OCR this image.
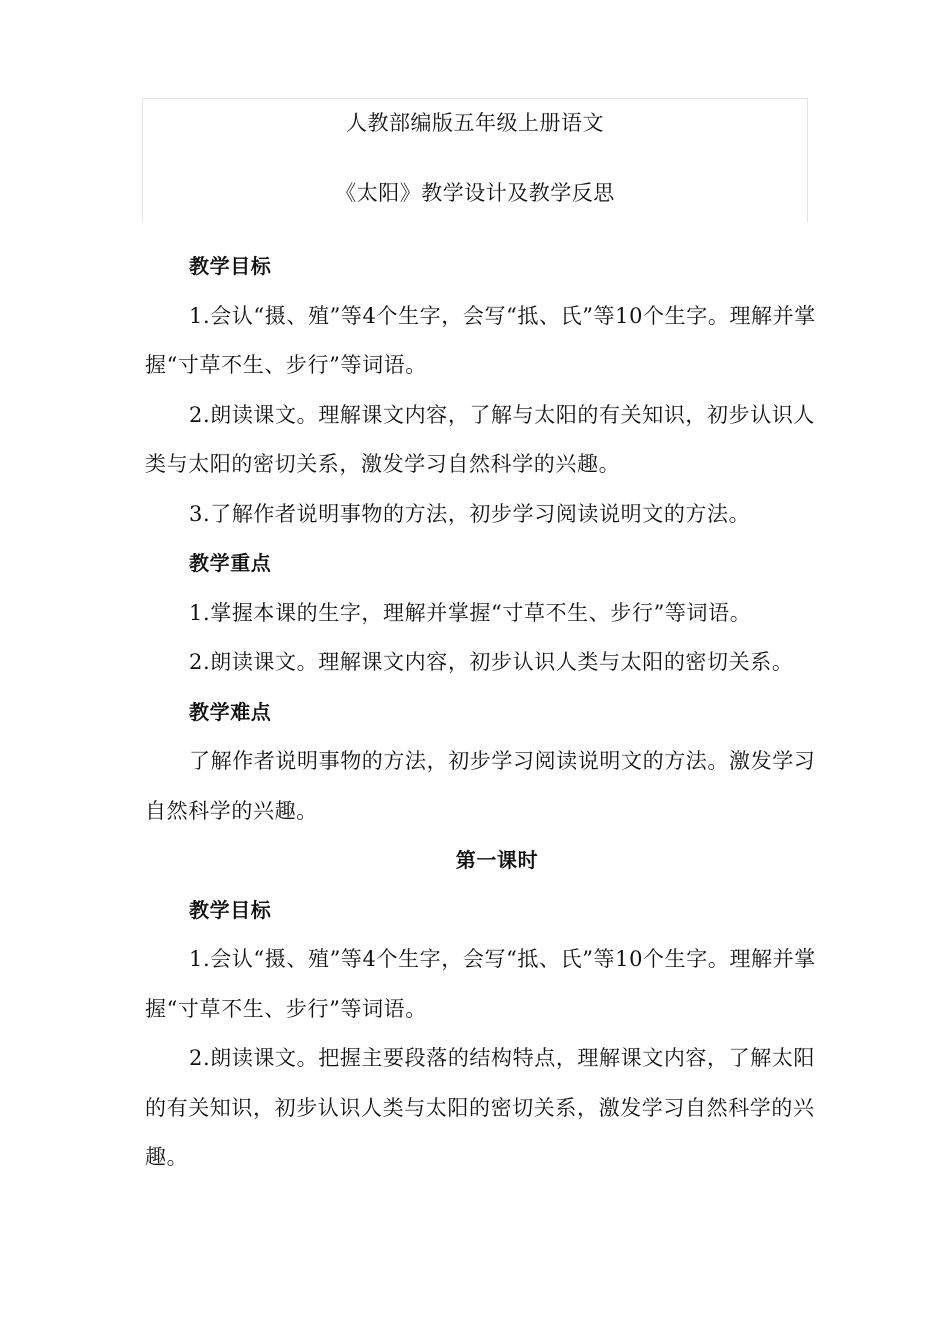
人教部编版五年级上册语文
《太阳》教学设计及教学反思

教学目标

1.会认“摄、殖”等4个生字，会写“抵、氏”等10个生字。理解并掌握“寸草不生、步行”等词语。

2.朗读课文。理解课文内容，了解与太阳的有关知识，初步认识人类与太阳的密切关系，激发学习自然科学的兴趣。

3.了解作者说明事物的方法，初步学习阅读说明文的方法。

教学重点

1.掌握本课的生字，理解并掌握“寸草不生、步行”等词语。

2.朗读课文。理解课文内容，初步认识人类与太阳的密切关系。

教学难点

了解作者说明事物的方法，初步学习阅读说明文的方法。激发学习自然科学的兴趣。

第一课时

教学目标

1.会认“摄、殖”等4个生字，会写“抵、氏”等10个生字。理解并掌握“寸草不生、步行”等词语。

2.朗读课文。把握主要段落的结构特点，理解课文内容，了解太阳的有关知识，初步认识人类与太阳的密切关系，激发学习自然科学的兴趣。
